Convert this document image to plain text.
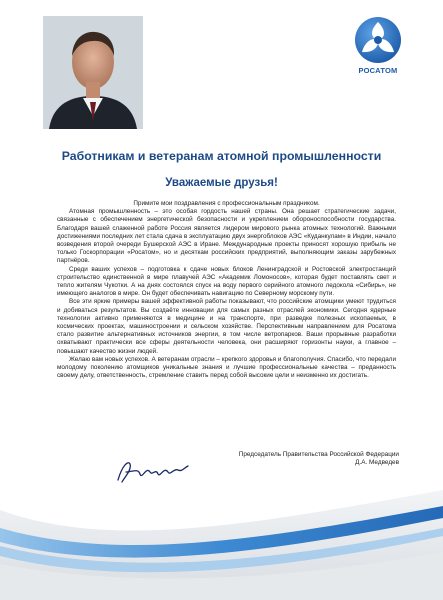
РОСАТОМ
Работникам и ветеранам атомной промышленности
Уважаемые друзья!

Примите мои поздравления с профессиональным праздником.

Атомная промышленность – это особая гордость нашей страны. Она решает стратегические задачи, связанные с обеспечением энергетической безопасности и укреплением обороноспособности государства. Благодаря вашей слаженной работе Россия является лидером мирового рынка атомных технологий. Важными достижениями последних лет стала сдача в эксплуатацию двух энергоблоков АЭС «Куданкулам» в Индии, начало возведения второй очереди Бушерской АЭС в Иране. Международные проекты приносят хорошую прибыль не только Госкорпорации «Росатом», но и десяткам российских предприятий, выполняющим заказы зарубежных партнёров.

Среди ваших успехов – подготовка к сдаче новых блоков Ленинградской и Ростовской электростанций строительство единственной в мире плавучей АЭС «Академик Ломоносов», которая будет поставлять свет и тепло жителям Чукотки. А на днях состоялся спуск на воду первого серийного атомного ледокола «Сибирь», не имеющего аналогов в мире. Он будет обеспечивать навигацию по Северному морскому пути.

Все эти яркие примеры вашей эффективной работы показывают, что российские атомщики умеют трудиться и добиваться результатов. Вы создаёте инновации для самых разных отраслей экономики. Сегодня ядерные технологии активно применяются в медицине и на транспорте, при разведке полезных ископаемых, в космических проектах, машиностроении и сельском хозяйстве. Перспективным направлением для Росатома стало развитие альтернативных источников энергии, в том числе ветропарков. Ваши прорывные разработки охватывают практически все сферы деятельности человека, они расширяют горизонты науки, а главное – повышают качество жизни людей.

Желаю вам новых успехов. А ветеранам отрасли – крепкого здоровья и благополучия. Спасибо, что передали молодому поколению атомщиков уникальные знания и лучшие профессиональные качества – преданность своему делу, ответственность, стремление ставить перед собой высокие цели и неизменно их достигать.

Председатель Правительства Российской Федерации
Д.А. Медведев
